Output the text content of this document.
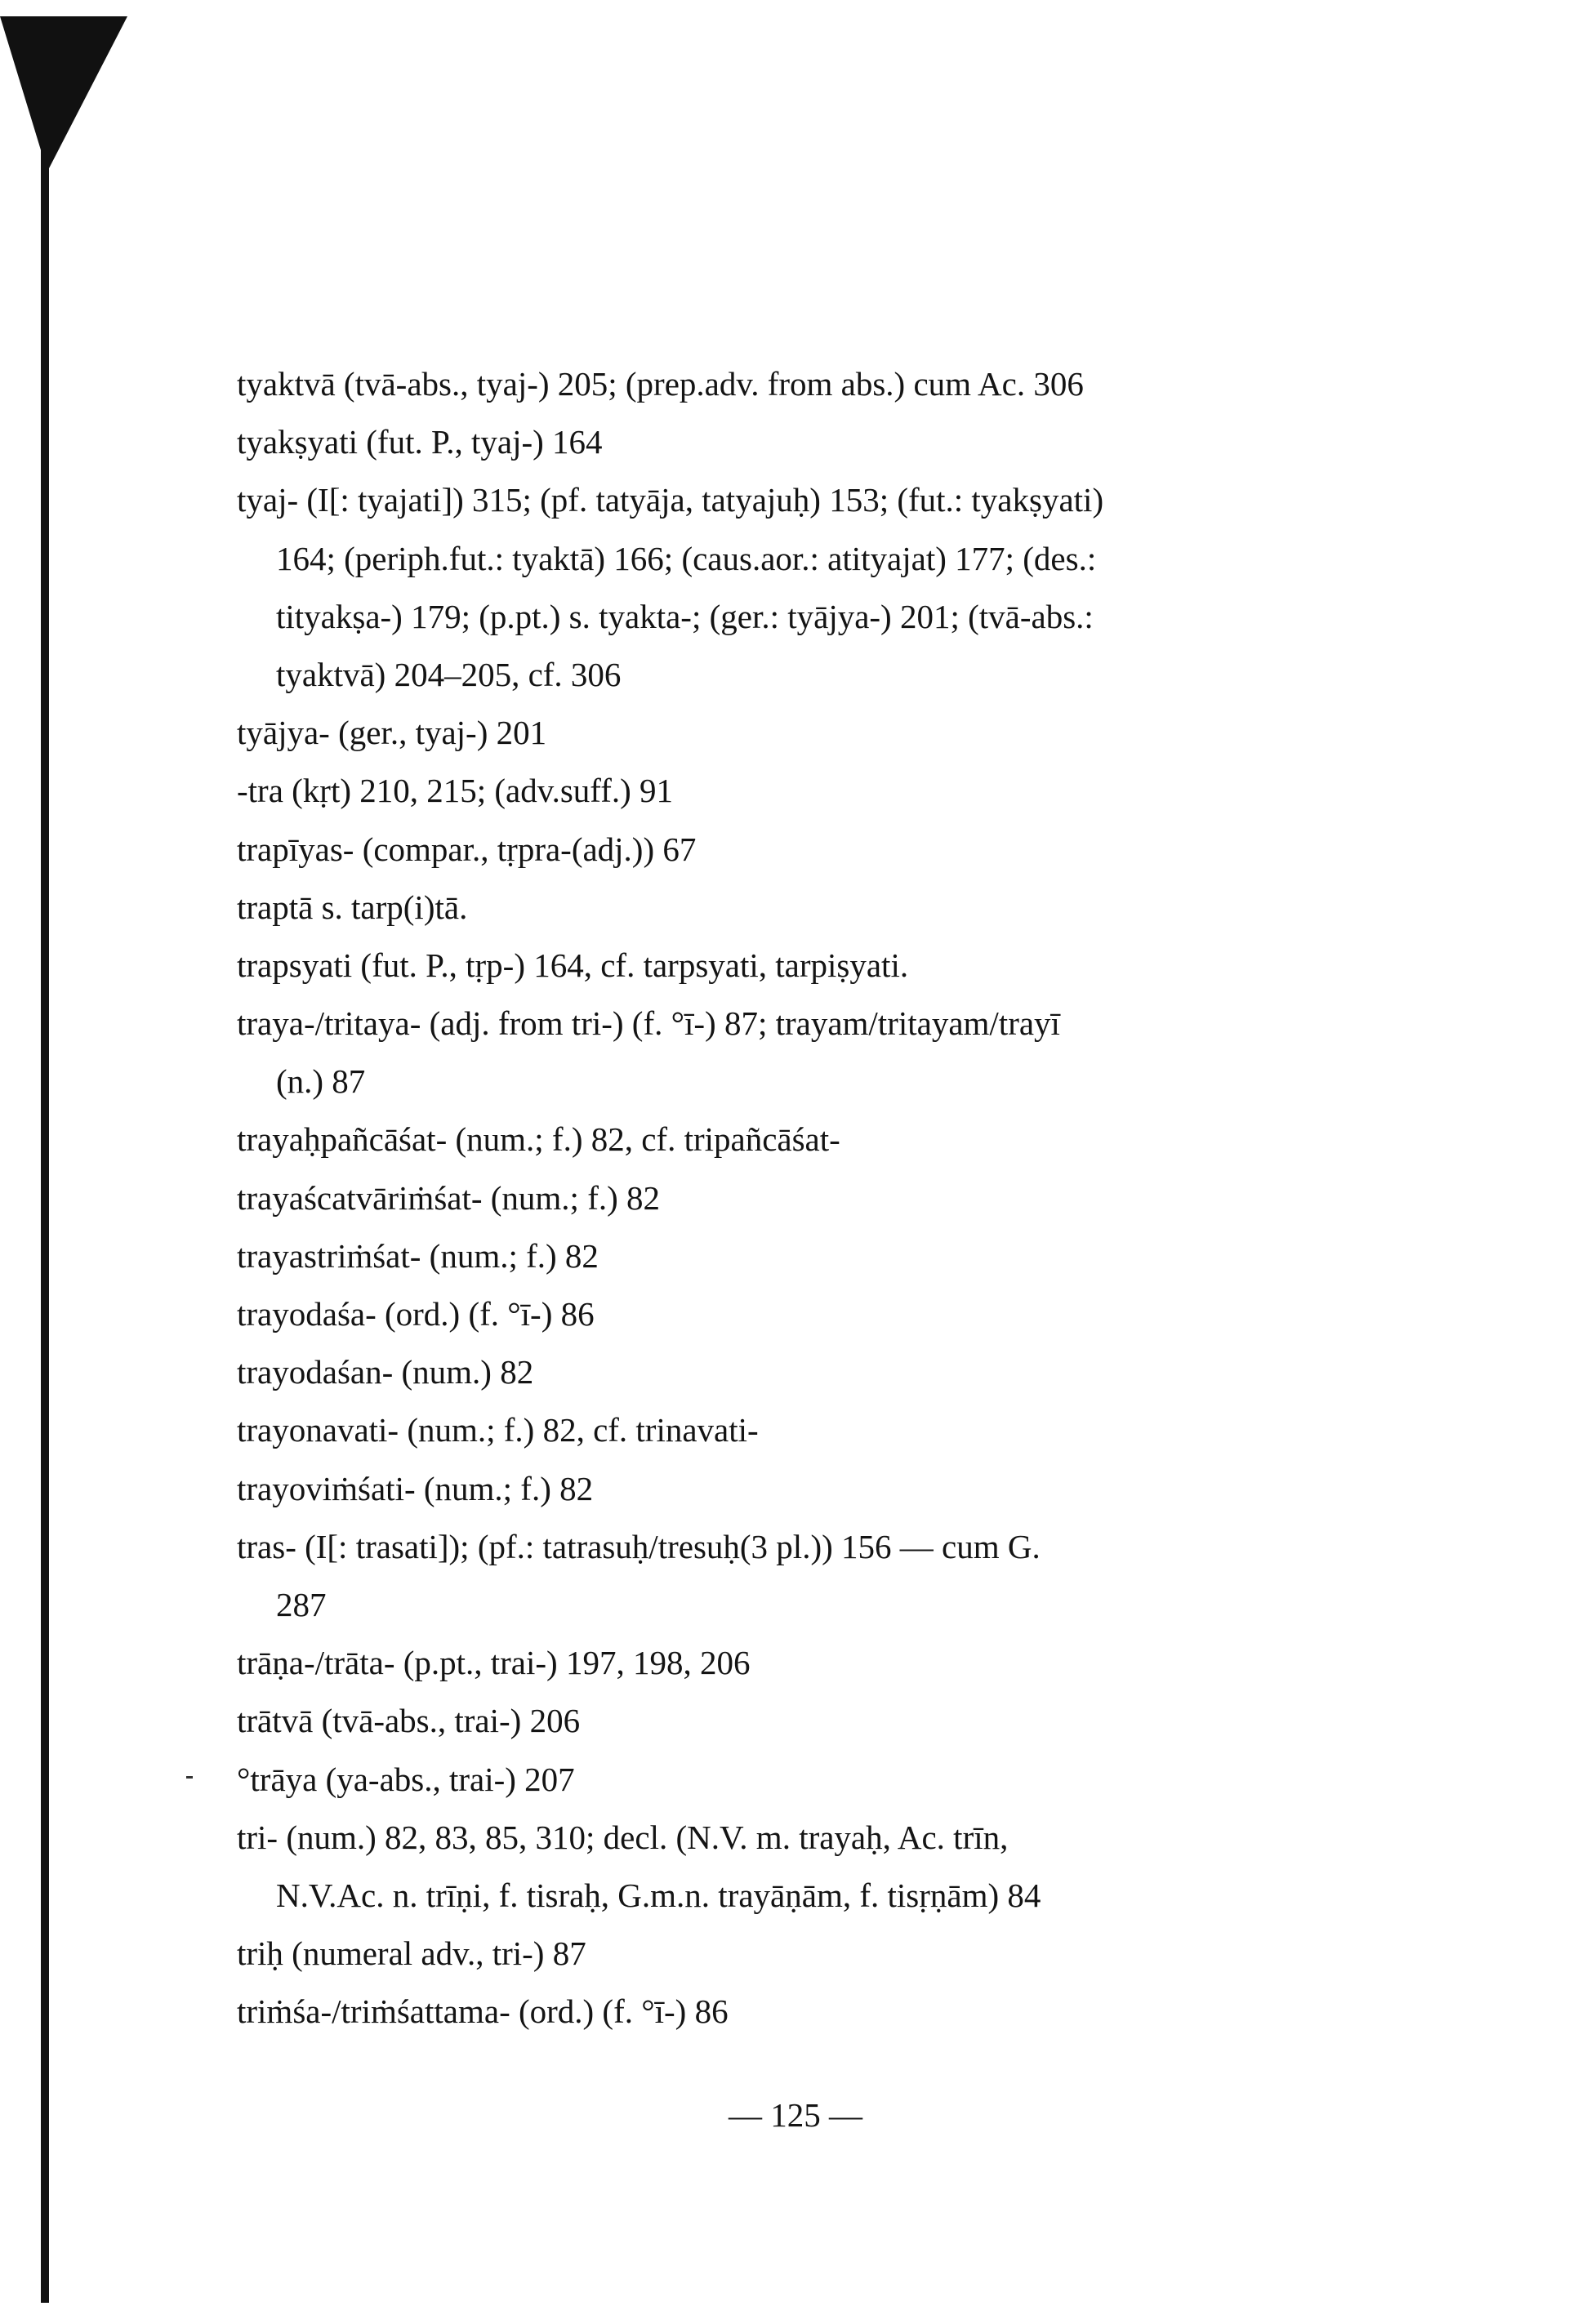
tyaktvā (tvā-abs., tyaj-) 205; (prep.adv. from abs.) cum Ac. 306
tyakṣyati (fut. P., tyaj-) 164
tyaj- (I[: tyajati]) 315; (pf. tatyāja, tatyajuḥ) 153; (fut.: tyakṣyati)
164; (periph.fut.: tyaktā) 166; (caus.aor.: atityajat) 177; (des.:
tityakṣa-) 179; (p.pt.) s. tyakta-; (ger.: tyājya-) 201; (tvā-abs.:
tyaktvā) 204–205, cf. 306
tyājya- (ger., tyaj-) 201
-tra (kṛt) 210, 215; (adv.suff.) 91
trapīyas- (compar., tṛpra-(adj.)) 67
traptā s. tarp(i)tā.
trapsyati (fut. P., tṛp-) 164, cf. tarpsyati, tarpiṣyati.
traya-/tritaya- (adj. from tri-) (f. °ī-) 87; trayam/tritayam/trayī
(n.) 87
trayaḥpañcāśat- (num.; f.) 82, cf. tripañcāśat-
trayaścatvāriṁśat- (num.; f.) 82
trayastriṁśat- (num.; f.) 82
trayodaśa- (ord.) (f. °ī-) 86
trayodaśan- (num.) 82
trayonavati- (num.; f.) 82, cf. trinavati-
trayoviṁśati- (num.; f.) 82
tras- (I[: trasati]); (pf.: tatrasuḥ/tresuḥ(3 pl.)) 156 — cum G.
287
trāṇa-/trāta- (p.pt., trai-) 197, 198, 206
trātvā (tvā-abs., trai-) 206
°trāya (ya-abs., trai-) 207
tri- (num.) 82, 83, 85, 310; decl. (N.V. m. trayaḥ, Ac. trīn,
N.V.Ac. n. trīṇi, f. tisraḥ, G.m.n. trayāṇām, f. tisṛṇām) 84
triḥ (numeral adv., tri-) 87
triṁśa-/triṁśattama- (ord.) (f. °ī-) 86
— 125 —
